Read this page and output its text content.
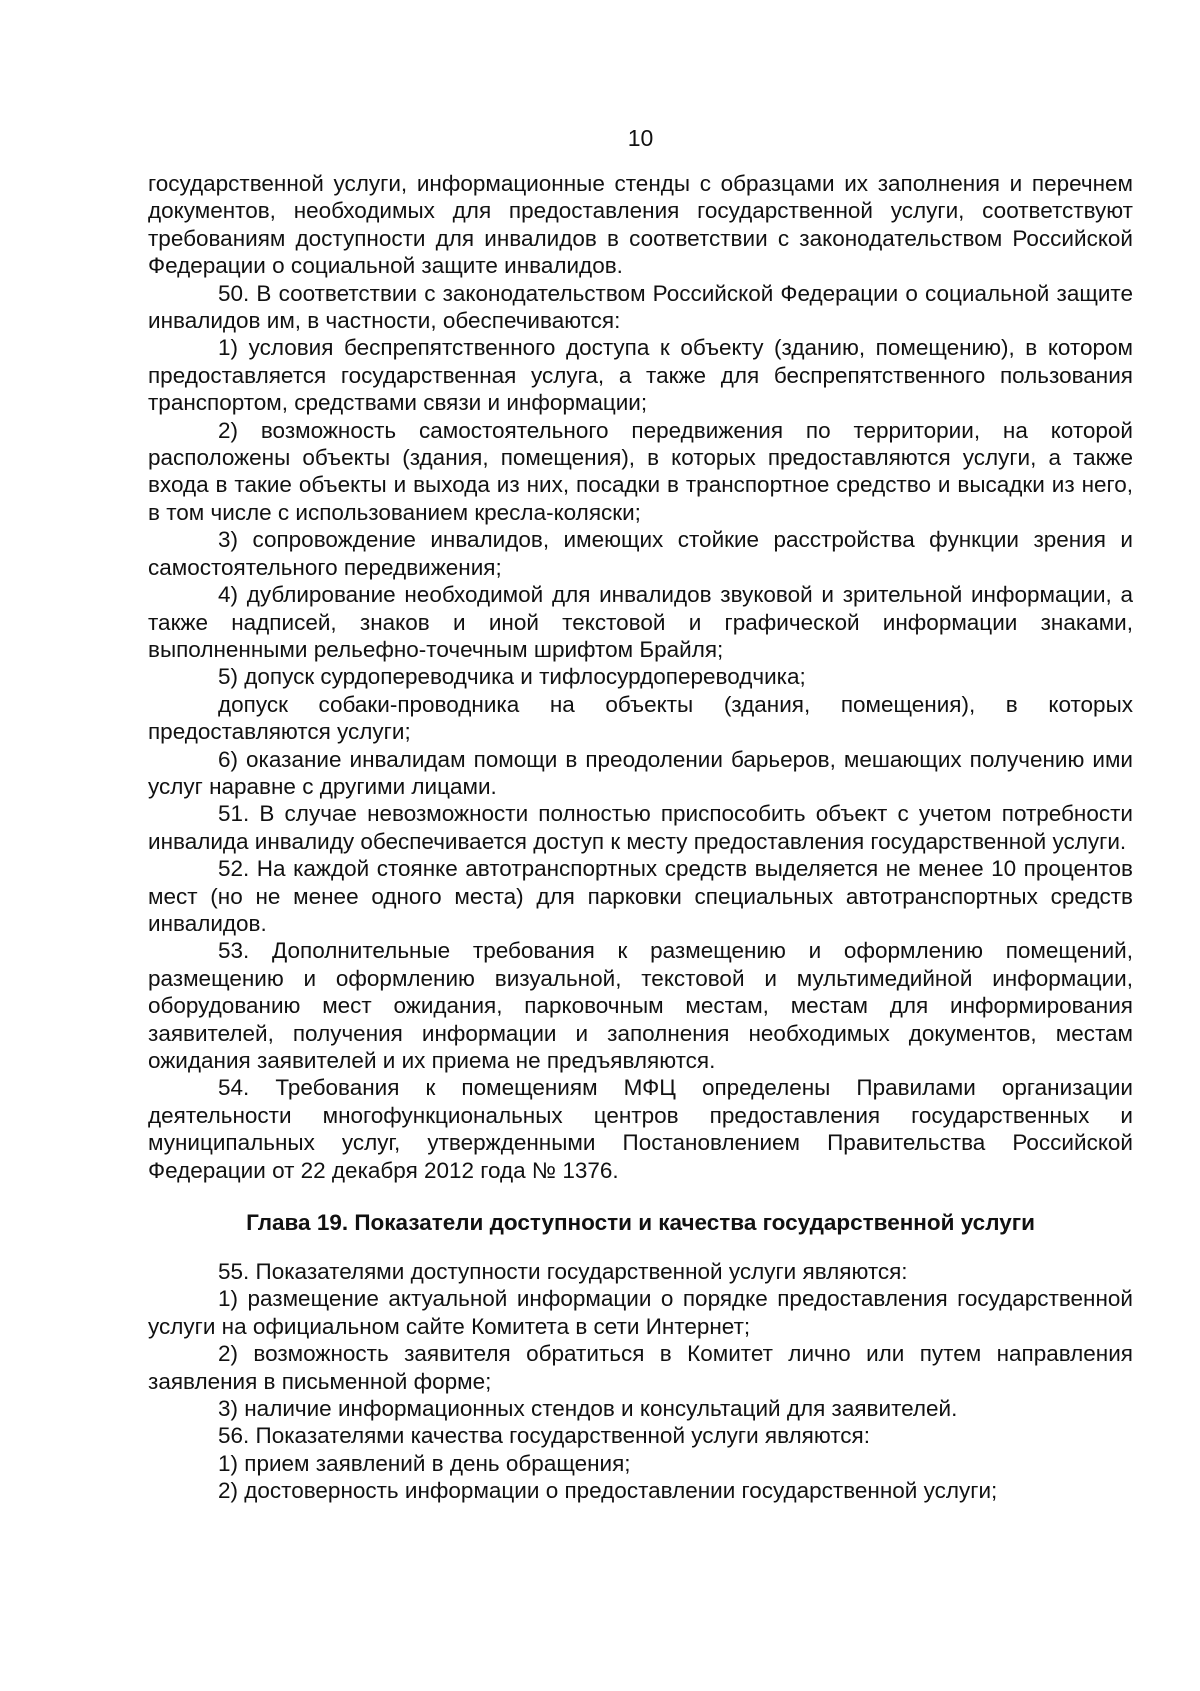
10

государственной услуги, информационные стенды с образцами их заполнения и перечнем документов, необходимых для предоставления государственной услуги, соответствуют требованиям доступности для инвалидов в соответствии с законодательством Российской Федерации о социальной защите инвалидов.

50. В соответствии с законодательством Российской Федерации о социальной защите инвалидов им, в частности, обеспечиваются:

1) условия беспрепятственного доступа к объекту (зданию, помещению), в котором предоставляется государственная услуга, а также для беспрепятственного пользования транспортом, средствами связи и информации;

2) возможность самостоятельного передвижения по территории, на которой расположены объекты (здания, помещения), в которых предоставляются услуги, а также входа в такие объекты и выхода из них, посадки в транспортное средство и высадки из него, в том числе с использованием кресла-коляски;

3) сопровождение инвалидов, имеющих стойкие расстройства функции зрения и самостоятельного передвижения;

4) дублирование необходимой для инвалидов звуковой и зрительной информации, а также надписей, знаков и иной текстовой и графической информации знаками, выполненными рельефно-точечным шрифтом Брайля;

5) допуск сурдопереводчика и тифлосурдопереводчика;

допуск собаки-проводника на объекты (здания, помещения), в которых предоставляются услуги;

6) оказание инвалидам помощи в преодолении барьеров, мешающих получению ими услуг наравне с другими лицами.

51. В случае невозможности полностью приспособить объект с учетом потребности инвалида инвалиду обеспечивается доступ к месту предоставления государственной услуги.

52. На каждой стоянке автотранспортных средств выделяется не менее 10 процентов мест (но не менее одного места) для парковки специальных автотранспортных средств инвалидов.

53. Дополнительные требования к размещению и оформлению помещений, размещению и оформлению визуальной, текстовой и мультимедийной информации, оборудованию мест ожидания, парковочным местам, местам для информирования заявителей, получения информации и заполнения необходимых документов, местам ожидания заявителей и их приема не предъявляются.

54. Требования к помещениям МФЦ определены Правилами организации деятельности многофункциональных центров предоставления государственных и муниципальных услуг, утвержденными Постановлением Правительства Российской Федерации от 22 декабря 2012 года № 1376.

Глава 19. Показатели доступности и качества государственной услуги

55. Показателями доступности государственной услуги являются:

1) размещение актуальной информации о порядке предоставления государственной услуги на официальном сайте Комитета в сети Интернет;

2) возможность заявителя обратиться в Комитет лично или путем направления заявления в письменной форме;

3) наличие информационных стендов и консультаций для заявителей.

56. Показателями качества государственной услуги являются:

1) прием заявлений в день обращения;

2) достоверность информации о предоставлении государственной услуги;
